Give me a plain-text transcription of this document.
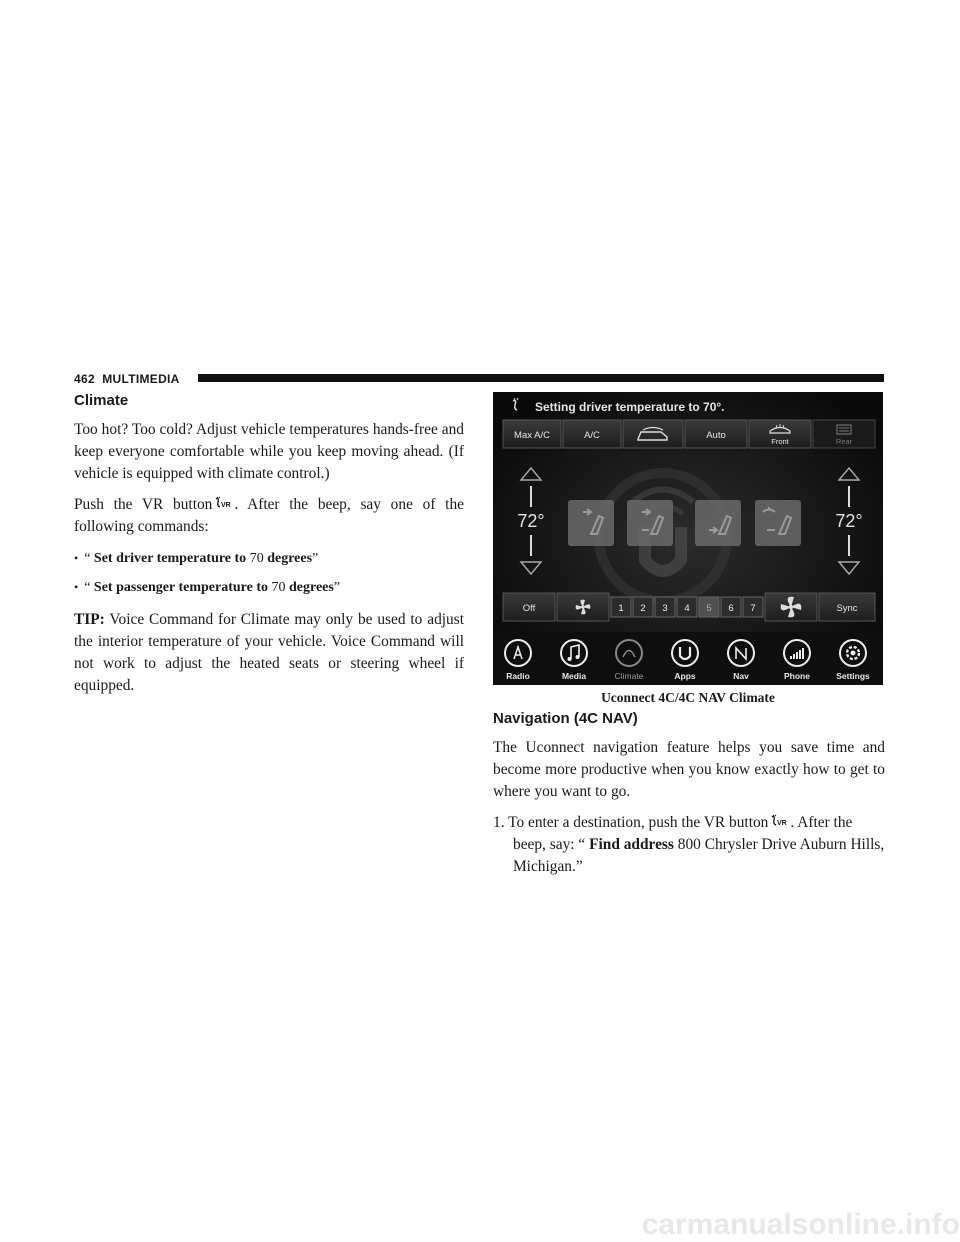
462 MULTIMEDIA
Climate

Too hot? Too cold? Adjust vehicle temperatures hands-free and keep everyone comfortable while you keep moving ahead. (If vehicle is equipped with climate control.)

Push the VR button VR . After the beep, say one of the following commands:

• “ Set driver temperature to 70 degrees”
• “ Set passenger temperature to 70 degrees”

TIP: Voice Command for Climate may only be used to adjust the interior temperature of your vehicle. Voice Command will not work to adjust the heated seats or steering wheel if equipped.

Setting driver temperature to 70°.
Max A/C	A/C	Auto
Front	Rear
72°	72°
Off	1 2 3 4 5 6 7	Sync
Radio	Media	Climate	Apps	Nav	Phone	Settings
Uconnect 4C/4C NAV Climate
Navigation (4C NAV)

The Uconnect navigation feature helps you save time and become more productive when you know exactly how to get to where you want to go.

1. To enter a destination, push the VR button VR . After the beep, say: “ Find address 800 Chrysler Drive Auburn Hills, Michigan.”
carmanualsonline.info
